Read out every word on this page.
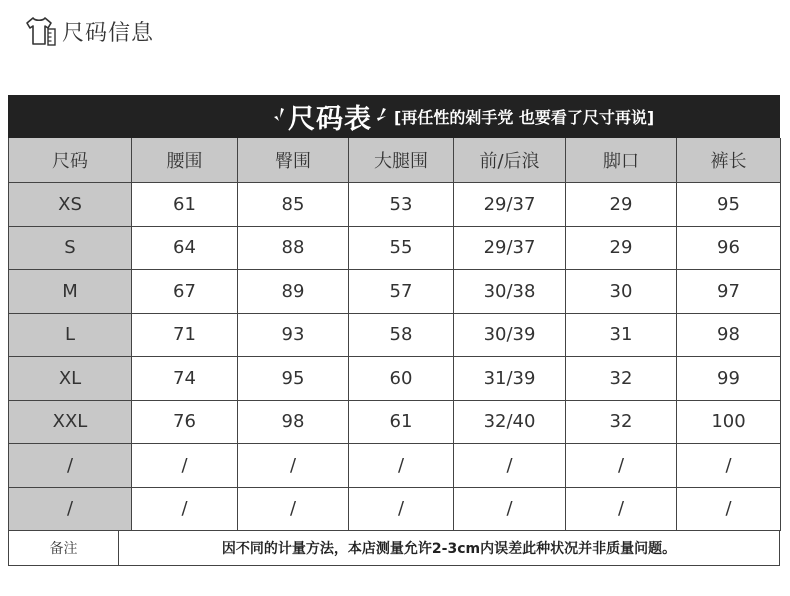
尺码信息
尺码表 [再任性的剁手党 也要看了尺寸再说]
尺码	腰围	臀围	大腿围	前/后浪	脚口	裤长
XS	61	85	53	29/37	29	95
S	64	88	55	29/37	29	96
M	67	89	57	30/38	30	97
L	71	93	58	30/39	31	98
XL	74	95	60	31/39	32	99
XXL	76	98	61	32/40	32	100
/	/	/	/	/	/	/
/	/	/	/	/	/	/
备注	因不同的计量方法，本店测量允许2-3cm内误差此种状况并非质量问题。
